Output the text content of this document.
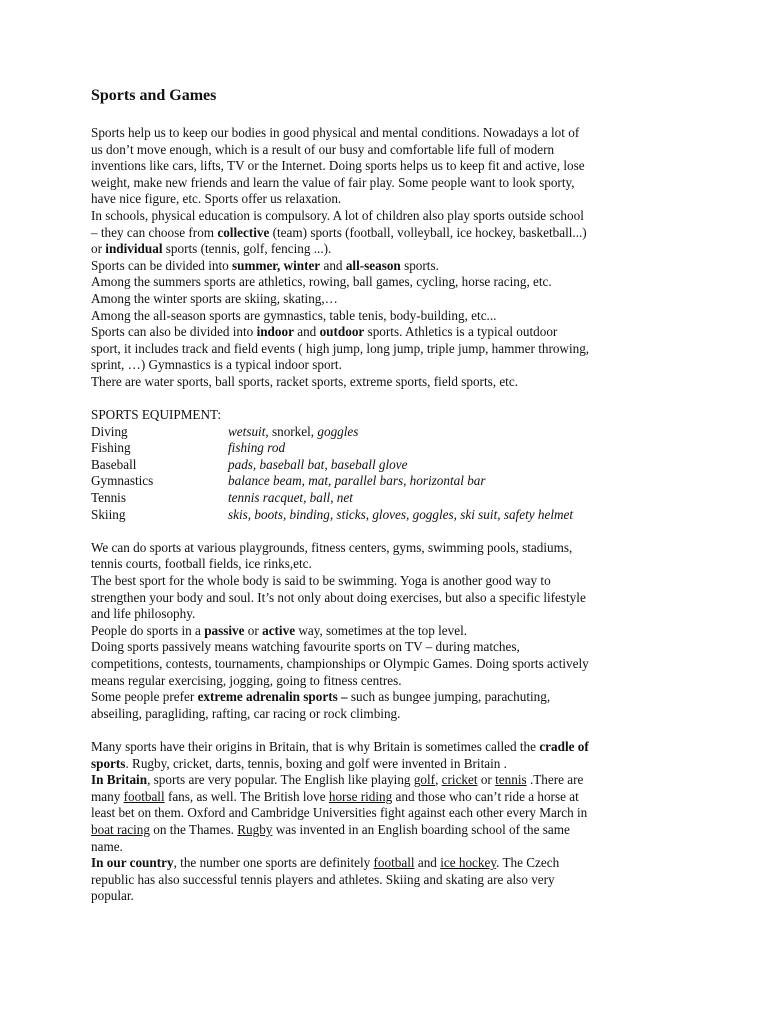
Sports and Games
Sports help us to keep our bodies in good physical and mental conditions. Nowadays a lot of
us don’t move enough, which is a result of our busy and comfortable life full of modern
inventions like cars, lifts, TV or the Internet. Doing sports helps us to keep fit and active, lose
weight, make new friends and learn the value of fair play. Some people want to look sporty,
have nice figure, etc. Sports offer us relaxation.
In schools, physical education is compulsory. A lot of children also play sports outside school
– they can choose from collective (team) sports (football, volleyball, ice hockey, basketball...)
or individual sports (tennis, golf, fencing ...).
Sports can be divided into summer, winter and all-season sports.
Among the summers sports are athletics, rowing, ball games, cycling, horse racing, etc.
Among the winter sports are skiing, skating,…
Among the all-season sports are gymnastics, table tenis, body-building, etc...
Sports can also be divided into indoor and outdoor sports. Athletics is a typical outdoor
sport, it includes track and field events ( high jump, long jump, triple jump, hammer throwing,
sprint, …) Gymnastics is a typical indoor sport.
There are water sports, ball sports, racket sports, extreme sports, field sports, etc.
SPORTS EQUIPMENT:
Diving	wetsuit, snorkel, goggles
Fishing	fishing rod
Baseball	pads, baseball bat, baseball glove
Gymnastics	balance beam, mat, parallel bars, horizontal bar
Tennis	tennis racquet, ball, net
Skiing	skis, boots, binding, sticks, gloves, goggles, ski suit, safety helmet
We can do sports at various playgrounds, fitness centers, gyms, swimming pools, stadiums,
tennis courts, football fields, ice rinks,etc.
The best sport for the whole body is said to be swimming. Yoga is another good way to
strengthen your body and soul. It’s not only about doing exercises, but also a specific lifestyle
and life philosophy.
People do sports in a passive or active way, sometimes at the top level.
Doing sports passively means watching favourite sports on TV – during matches,
competitions, contests, tournaments, championships or Olympic Games. Doing sports actively
means regular exercising, jogging, going to fitness centres.
Some people prefer extreme adrenalin sports – such as bungee jumping, parachuting,
abseiling, paragliding, rafting, car racing or rock climbing.
Many sports have their origins in Britain, that is why Britain is sometimes called the cradle of
sports. Rugby, cricket, darts, tennis, boxing and golf were invented in Britain .
In Britain, sports are very popular. The English like playing golf, cricket or tennis .There are
many football fans, as well. The British love horse riding and those who can’t ride a horse at
least bet on them. Oxford and Cambridge Universities fight against each other every March in
boat racing on the Thames. Rugby was invented in an English boarding school of the same
name.
In our country, the number one sports are definitely football and ice hockey. The Czech
republic has also successful tennis players and athletes. Skiing and skating are also very
popular.
